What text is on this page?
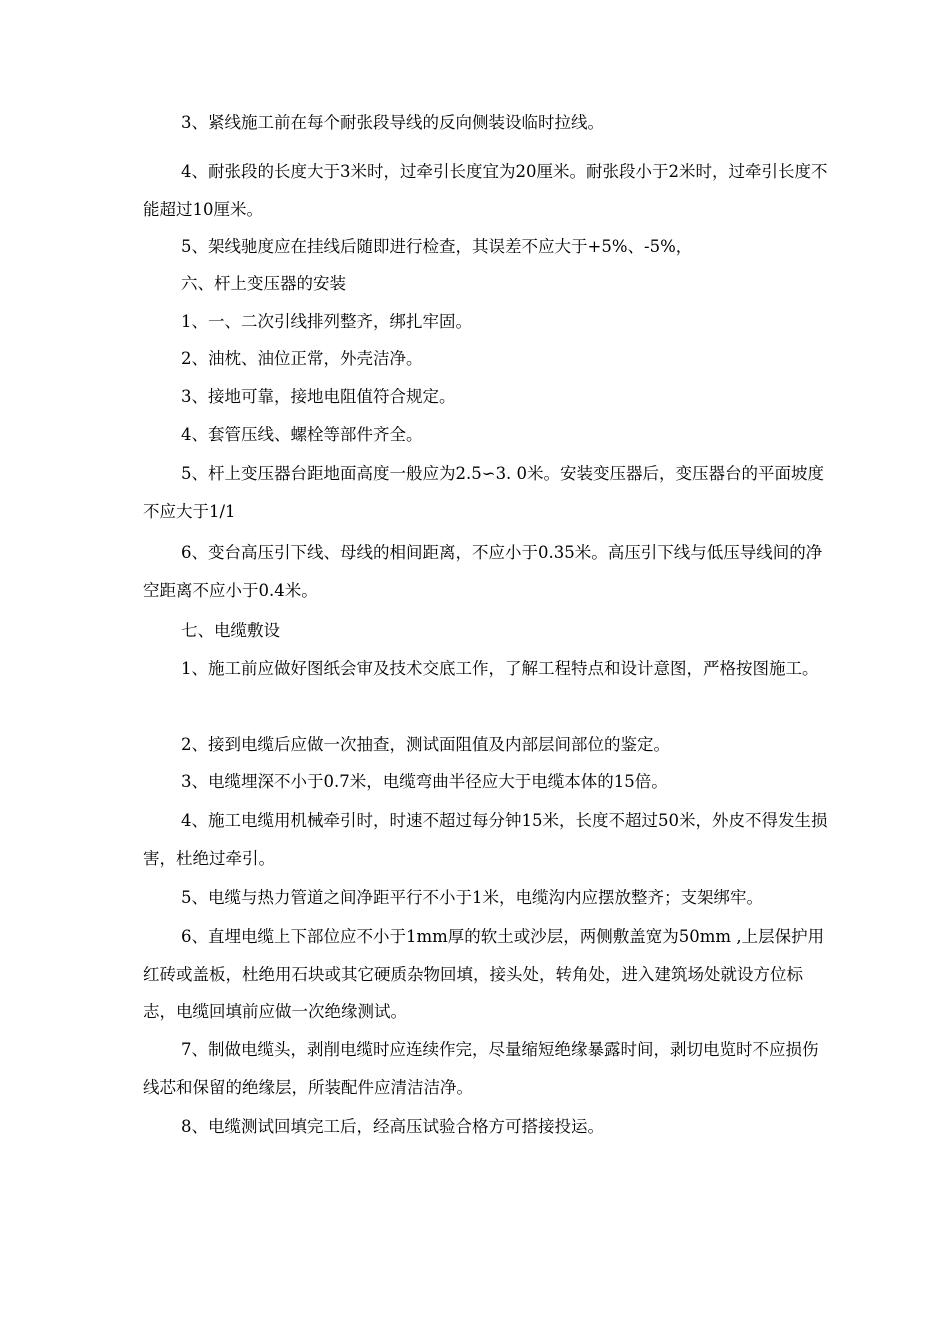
3、紧线施工前在每个耐张段导线的反向侧装设临时拉线。

4、耐张段的长度大于3米时，过牵引长度宜为20厘米。耐张段小于2米时，过牵引长度不能超过10厘米。

5、架线驰度应在挂线后随即进行检查，其误差不应大于+5%、-5%，

六、杆上变压器的安装

1、一、二次引线排列整齐，绑扎牢固。

2、油枕、油位正常，外壳洁净。

3、接地可靠，接地电阻值符合规定。

4、套管压线、螺栓等部件齐全。

5、杆上变压器台距地面高度一般应为2.5∽3. 0米。安装变压器后，变压器台的平面坡度不应大于1/1

6、变台高压引下线、母线的相间距离，不应小于0.35米。高压引下线与低压导线间的净空距离不应小于0.4米。

七、电缆敷设

1、施工前应做好图纸会审及技术交底工作，了解工程特点和设计意图，严格按图施工。

2、接到电缆后应做一次抽查，测试面阻值及内部层间部位的鉴定。

3、电缆埋深不小于0.7米，电缆弯曲半径应大于电缆本体的15倍。

4、施工电缆用机械牵引时，时速不超过每分钟15米，长度不超过50米，外皮不得发生损害，杜绝过牵引。

5、电缆与热力管道之间净距平行不小于1米，电缆沟内应摆放整齐；支架绑牢。

6、直埋电缆上下部位应不小于1mm厚的软土或沙层，两侧敷盖宽为50mm ,上层保护用红砖或盖板，杜绝用石块或其它硬质杂物回填，接头处，转角处，进入建筑场处就设方位标志，电缆回填前应做一次绝缘测试。

7、制做电缆头，剥削电缆时应连续作完，尽量缩短绝缘暴露时间，剥切电览时不应损伤线芯和保留的绝缘层，所装配件应清洁洁净。

8、电缆测试回填完工后，经高压试验合格方可搭接投运。
